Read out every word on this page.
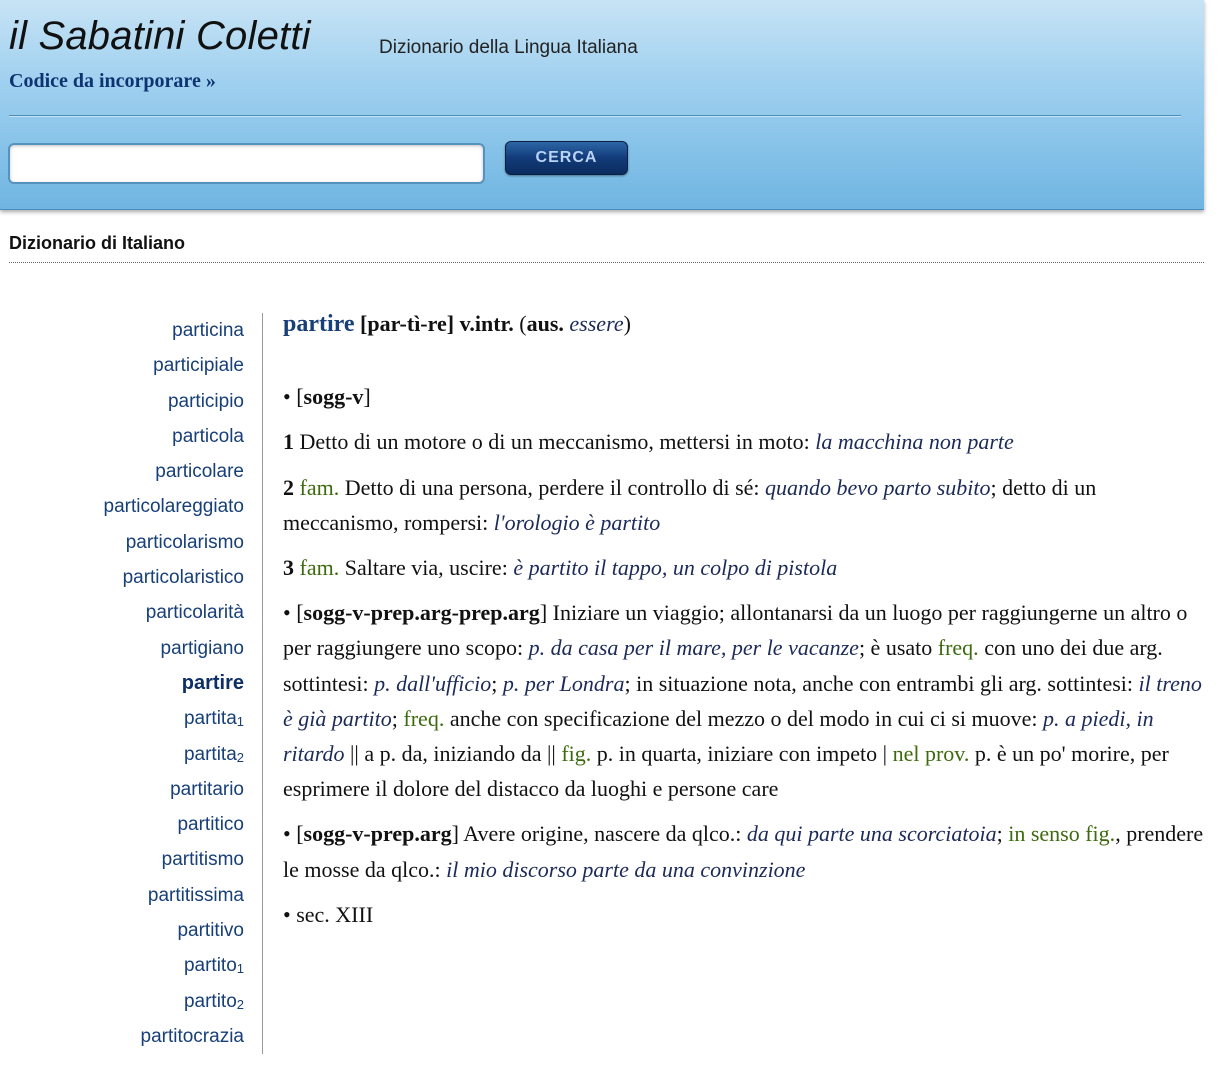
il Sabatini Coletti	Dizionario della Lingua Italiana
Codice da incorporare »
CERCA
Dizionario di Italiano
particina
participiale
participio
particola
particolare
particolareggiato
particolarismo
particolaristico
particolarità
partigiano
partire
partita$_1$
partita$_2$
partitario
partitico
partitismo
partitissima
partitivo
partito$_1$
partito$_2$
partitocrazia
partire [par-tì-re] v.intr. (aus. essere)
• [sogg-v]
1 Detto di un motore o di un meccanismo, mettersi in moto: la macchina non parte
2 fam. Detto di una persona, perdere il controllo di sé: quando bevo parto subito; detto di un meccanismo, rompersi: l'orologio è partito
3 fam. Saltare via, uscire: è partito il tappo, un colpo di pistola
• [sogg-v-prep.arg-prep.arg] Iniziare un viaggio; allontanarsi da un luogo per raggiungerne un altro o per raggiungere uno scopo: p. da casa per il mare, per le vacanze; è usato freq. con uno dei due arg. sottintesi: p. dall'ufficio; p. per Londra; in situazione nota, anche con entrambi gli arg. sottintesi: il treno è già partito; freq. anche con specificazione del mezzo o del modo in cui ci si muove: p. a piedi, in ritardo || a p. da, iniziando da || fig. p. in quarta, iniziare con impeto | nel prov. p. è un po' morire, per esprimere il dolore del distacco da luoghi e persone care
• [sogg-v-prep.arg] Avere origine, nascere da qlco.: da qui parte una scorciatoia; in senso fig., prendere le mosse da qlco.: il mio discorso parte da una convinzione
• sec. XIII
